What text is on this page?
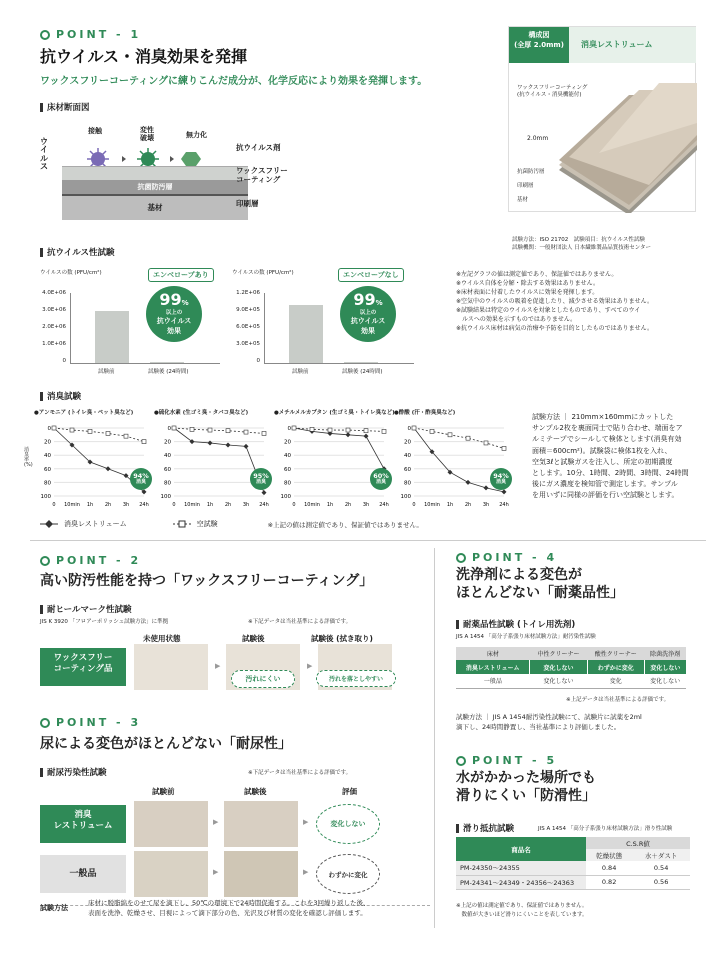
POINT - 1
抗ウイルス・消臭効果を発揮
ワックスフリーコーティングに練りこんだ成分が、化学反応により効果を発揮します。
床材断面図
ウイルス
接触	変性
破壊	無力化
抗菌防汚層
基材
抗ウイルス剤
ワックスフリー
コーティング
印刷層
構成図
(全厚 2.0mm)	消臭レストリューム
ワックスフリーコーティング
(抗ウイルス・消臭機能付)
2.0mm
抗菌防汚層
印刷層
基材
抗ウイルス性試験
試験方法：ISO 21702　試験項目：抗ウイルス性試験
試験機関：一般財団法人 日本繊維製品品質技術センター
ウイルスの数 (PFU/cm²)	エンベロープあり
4.0E+06
3.0E+06
2.0E+06
1.0E+06
0
99%
以上の
抗ウイルス
効果
試験前	試験後 (24時間)
ウイルスの数 (PFU/cm²)	エンベロープなし
1.2E+06
9.0E+05
6.0E+05
3.0E+05
0
99%
以上の
抗ウイルス
効果
試験前	試験後 (24時間)
※左記グラフの値は測定値であり、保証値ではありません。
※ウイルス自体を分解・除去する効果はありません。
※床材表面に付着したウイルスに効果を発揮します。
※空気中のウイルスの吸着を促進したり、減少させる効果はありません。
※試験結果は特定のウイルスを対象としたものであり、すべてのウイ
　ルスへの効果を示すものではありません。
※抗ウイルス床材は病気の治療や予防を目的としたものではありません。
消臭試験
●アンモニア (トイレ臭・ペット臭など)
0
20
40
60
80
100
0 10min 1h 2h 3h 24h
消臭率(%)
94%
消臭
●硫化水素 (生ゴミ臭・タバコ臭など)
0
20
40
60
80
100
0 10min 1h 2h 3h 24h
95%
消臭
●メチルメルカプタン (生ゴミ臭・トイレ臭など)
0
20
40
60
80
100
0 10min 1h 2h 3h 24h
60%
消臭
●酢酸 (汗・酢臭臭など)
0
20
40
60
80
100
0 10min 1h 2h 3h 24h
94%
消臭
消臭レストリューム	空試験	※上記の値は測定値であり、保証値ではありません。
試験方法 ｜ 210mm×160mmにカットした
サンプル2枚を裏面同士で貼り合わせ、端面をア
ルミテープでシールして検体とします(消臭有効
面積＝600cm²)。試験袋に検体1枚を入れ、
空気3ℓと試験ガスを注入し、所定の初期濃度
とします。10分、1時間、2時間、3時間、24時間
後にガス濃度を検知管で測定します。サンプル
を用いずに同様の評価を行い空試験とします。
POINT - 2
高い防汚性能を持つ「ワックスフリーコーティング」
耐ヒールマーク性試験
JIS K 3920 「フロアーポリッシュ試験方法」に準拠	※下記データは当社基準による評価です。
未使用状態	試験後	試験後 (拭き取り)
ワックスフリー
コーティング品	▶	▶
汚れにくい	汚れを落としやすい
POINT - 3
尿による変色がほとんどない「耐尿性」
耐尿汚染性試験	※下記データは当社基準による評価です。
試験前	試験後	評価
消臭
レストリューム	▶	▶	変化しない
一般品	▶	▶	わずかに変化
試験方法
床材に脱脂綿をのせて尿を滴下し、50℃の環境下で24時間促進する。これを3回繰り返した後、
表面を洗浄、乾燥させ、目視によって滴下部分の色、光沢及び材質の変化を確認し評価します。
POINT - 4
洗浄剤による変色が
ほとんどない「耐薬品性」
耐薬品性試験 (トイレ用洗剤)
JIS A 1454 「高分子系張り床材試験方法」耐汚染性試験
床材	中性クリーナー	酸性クリーナー	除菌洗浄剤
消臭レストリューム	変化しない	わずかに変化	変化しない
一般品	変化しない	変化	変化しない
※上記データは当社基準による評価です。
試験方法 ｜ JIS A 1454耐汚染性試験にて、試験片に試薬を2ml
滴下し、24時間静置し、当社基準により評価しました。
POINT - 5
水がかかった場所でも
滑りにくい「防滑性」
滑り抵抗試験	JIS A 1454 「高分子系張り床材試験方法」滑り性試験
商品名	C.S.R値	
	乾燥状態	水＋ダスト
PM-24350〜24355	0.84	0.54
PM-24341〜24349・24356〜24363	0.82	0.56
※上記の値は測定値であり、保証値ではありません。
　数値が大きいほど滑りにくいことを表しています。
